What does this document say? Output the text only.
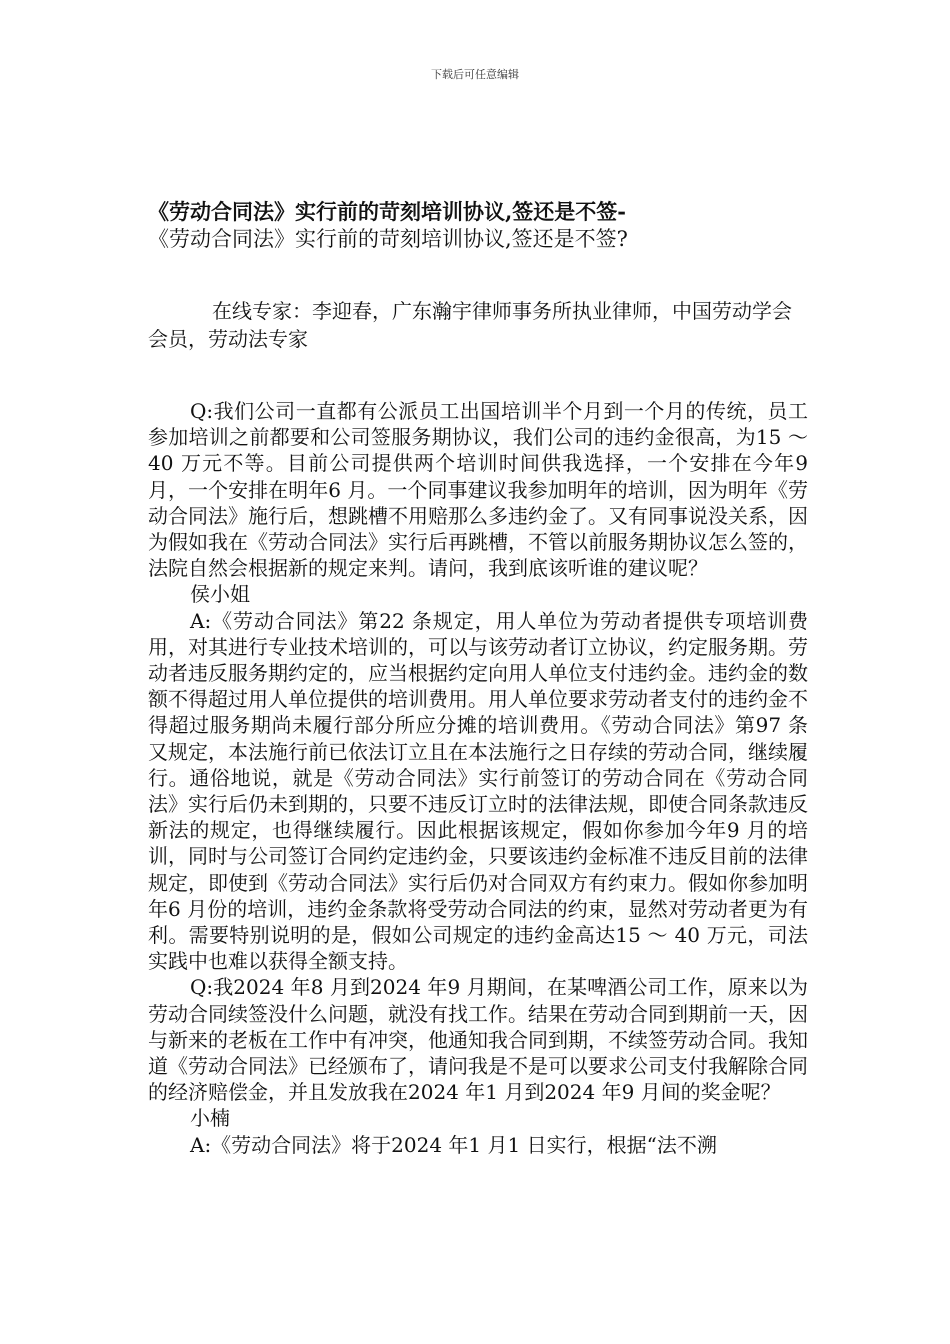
下载后可任意编辑
《劳动合同法》实行前的苛刻培训协议,签还是不签-
《劳动合同法》实行前的苛刻培训协议,签还是不签?
在线专家：李迎春，广东瀚宇律师事务所执业律师，中国劳动学会会员，劳动法专家

Q:我们公司一直都有公派员工出国培训半个月到一个月的传统，员工参加培训之前都要和公司签服务期协议，我们公司的违约金很高，为15 ～ 40 万元不等。目前公司提供两个培训时间供我选择，一个安排在今年9 月，一个安排在明年6 月。一个同事建议我参加明年的培训，因为明年《劳动合同法》施行后，想跳槽不用赔那么多违约金了。又有同事说没关系，因为假如我在《劳动合同法》实行后再跳槽，不管以前服务期协议怎么签的，法院自然会根据新的规定来判。请问，我到底该听谁的建议呢？

侯小姐

A:《劳动合同法》第22 条规定，用人单位为劳动者提供专项培训费用，对其进行专业技术培训的，可以与该劳动者订立协议，约定服务期。劳动者违反服务期约定的，应当根据约定向用人单位支付违约金。违约金的数额不得超过用人单位提供的培训费用。用人单位要求劳动者支付的违约金不得超过服务期尚未履行部分所应分摊的培训费用。《劳动合同法》第97 条又规定，本法施行前已依法订立且在本法施行之日存续的劳动合同，继续履行。通俗地说，就是《劳动合同法》实行前签订的劳动合同在《劳动合同法》实行后仍未到期的，只要不违反订立时的法律法规，即使合同条款违反新法的规定，也得继续履行。因此根据该规定，假如你参加今年9 月的培训，同时与公司签订合同约定违约金，只要该违约金标准不违反目前的法律规定，即使到《劳动合同法》实行后仍对合同双方有约束力。假如你参加明年6 月份的培训，违约金条款将受劳动合同法的约束，显然对劳动者更为有利。需要特别说明的是，假如公司规定的违约金高达15 ～ 40 万元，司法实践中也难以获得全额支持。

Q:我2024 年8 月到2024 年9 月期间，在某啤酒公司工作，原来以为劳动合同续签没什么问题，就没有找工作。结果在劳动合同到期前一天，因与新来的老板在工作中有冲突，他通知我合同到期，不续签劳动合同。我知道《劳动合同法》已经颁布了，请问我是不是可以要求公司支付我解除合同的经济赔偿金，并且发放我在2024 年1 月到2024 年9 月间的奖金呢？

小楠

A:《劳动合同法》将于2024 年1 月1 日实行，根据“法不溯
